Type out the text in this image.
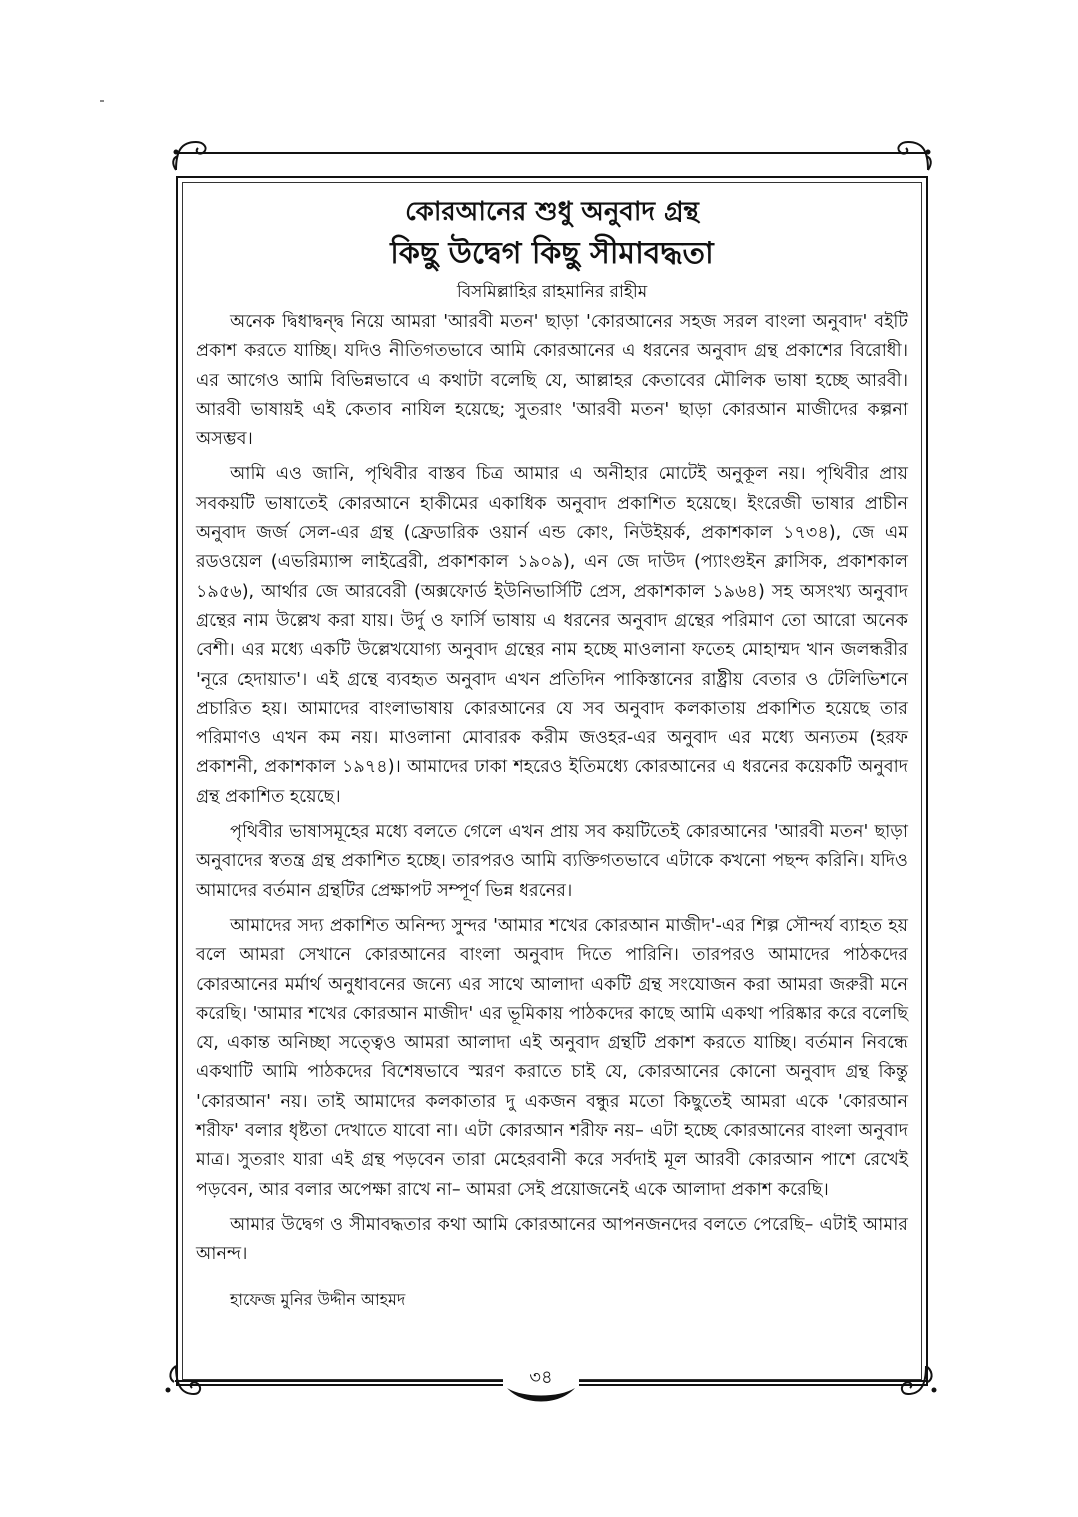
কোরআনের শুধু অনুবাদ গ্রন্থ
কিছু উদ্বেগ কিছু সীমাবদ্ধতা
বিসমিল্লাহির রাহমানির রাহীম

অনেক দ্বিধাদ্বন্দ্ব নিয়ে আমরা 'আরবী মতন' ছাড়া 'কোরআনের সহজ সরল বাংলা অনুবাদ' বইটি প্রকাশ করতে যাচ্ছি। যদিও নীতিগতভাবে আমি কোরআনের এ ধরনের অনুবাদ গ্রন্থ প্রকাশের বিরোধী। এর আগেও আমি বিভিন্নভাবে এ কথাটা বলেছি যে, আল্লাহর কেতাবের মৌলিক ভাষা হচ্ছে আরবী। আরবী ভাষায়ই এই কেতাব নাযিল হয়েছে; সুতরাং 'আরবী মতন' ছাড়া কোরআন মাজীদের কল্পনা অসম্ভব।

আমি এও জানি, পৃথিবীর বাস্তব চিত্র আমার এ অনীহার মোটেই অনুকূল নয়। পৃথিবীর প্রায় সবকয়টি ভাষাতেই কোরআনে হাকীমের একাধিক অনুবাদ প্রকাশিত হয়েছে। ইংরেজী ভাষার প্রাচীন অনুবাদ জর্জ সেল-এর গ্রন্থ (ফ্রেডারিক ওয়ার্ন এন্ড কোং, নিউইয়র্ক, প্রকাশকাল ১৭৩৪), জে এম রডওয়েল (এভরিম্যান্স লাইব্রেরী, প্রকাশকাল ১৯০৯), এন জে দাউদ (প্যাংগুইন ক্লাসিক, প্রকাশকাল ১৯৫৬), আর্থার জে আরবেরী (অক্সফোর্ড ইউনিভার্সিটি প্রেস, প্রকাশকাল ১৯৬৪) সহ অসংখ্য অনুবাদ গ্রন্থের নাম উল্লেখ করা যায়। উর্দু ও ফার্সি ভাষায় এ ধরনের অনুবাদ গ্রন্থের পরিমাণ তো আরো অনেক বেশী। এর মধ্যে একটি উল্লেখযোগ্য অনুবাদ গ্রন্থের নাম হচ্ছে মাওলানা ফতেহ মোহাম্মদ খান জলন্ধরীর 'নূরে হেদায়াত'। এই গ্রন্থে ব্যবহৃত অনুবাদ এখন প্রতিদিন পাকিস্তানের রাষ্ট্রীয় বেতার ও টেলিভিশনে প্রচারিত হয়। আমাদের বাংলাভাষায় কোরআনের যে সব অনুবাদ কলকাতায় প্রকাশিত হয়েছে তার পরিমাণও এখন কম নয়। মাওলানা মোবারক করীম জওহর-এর অনুবাদ এর মধ্যে অন্যতম (হরফ প্রকাশনী, প্রকাশকাল ১৯৭৪)। আমাদের ঢাকা শহরেও ইতিমধ্যে কোরআনের এ ধরনের কয়েকটি অনুবাদ গ্রন্থ প্রকাশিত হয়েছে।

পৃথিবীর ভাষাসমূহের মধ্যে বলতে গেলে এখন প্রায় সব কয়টিতেই কোরআনের 'আরবী মতন' ছাড়া অনুবাদের স্বতন্ত্র গ্রন্থ প্রকাশিত হচ্ছে। তারপরও আমি ব্যক্তিগতভাবে এটাকে কখনো পছন্দ করিনি। যদিও আমাদের বর্তমান গ্রন্থটির প্রেক্ষাপট সম্পূর্ণ ভিন্ন ধরনের।

আমাদের সদ্য প্রকাশিত অনিন্দ্য সুন্দর 'আমার শখের কোরআন মাজীদ'-এর শিল্প সৌন্দর্য ব্যাহত হয় বলে আমরা সেখানে কোরআনের বাংলা অনুবাদ দিতে পারিনি। তারপরও আমাদের পাঠকদের কোরআনের মর্মার্থ অনুধাবনের জন্যে এর সাথে আলাদা একটি গ্রন্থ সংযোজন করা আমরা জরুরী মনে করেছি। 'আমার শখের কোরআন মাজীদ' এর ভূমিকায় পাঠকদের কাছে আমি একথা পরিষ্কার করে বলেছি যে, একান্ত অনিচ্ছা সত্ত্বেও আমরা আলাদা এই অনুবাদ গ্রন্থটি প্রকাশ করতে যাচ্ছি। বর্তমান নিবন্ধে একথাটি আমি পাঠকদের বিশেষভাবে স্মরণ করাতে চাই যে, কোরআনের কোনো অনুবাদ গ্রন্থ কিন্তু 'কোরআন' নয়। তাই আমাদের কলকাতার দু একজন বন্ধুর মতো কিছুতেই আমরা একে 'কোরআন শরীফ' বলার ধৃষ্টতা দেখাতে যাবো না। এটা কোরআন শরীফ নয়– এটা হচ্ছে কোরআনের বাংলা অনুবাদ মাত্র। সুতরাং যারা এই গ্রন্থ পড়বেন তারা মেহেরবানী করে সর্বদাই মূল আরবী কোরআন পাশে রেখেই পড়বেন, আর বলার অপেক্ষা রাখে না– আমরা সেই প্রয়োজনেই একে আলাদা প্রকাশ করেছি।

আমার উদ্বেগ ও সীমাবদ্ধতার কথা আমি কোরআনের আপনজনদের বলতে পেরেছি– এটাই আমার আনন্দ।

হাফেজ মুনির উদ্দীন আহমদ
৩৪
